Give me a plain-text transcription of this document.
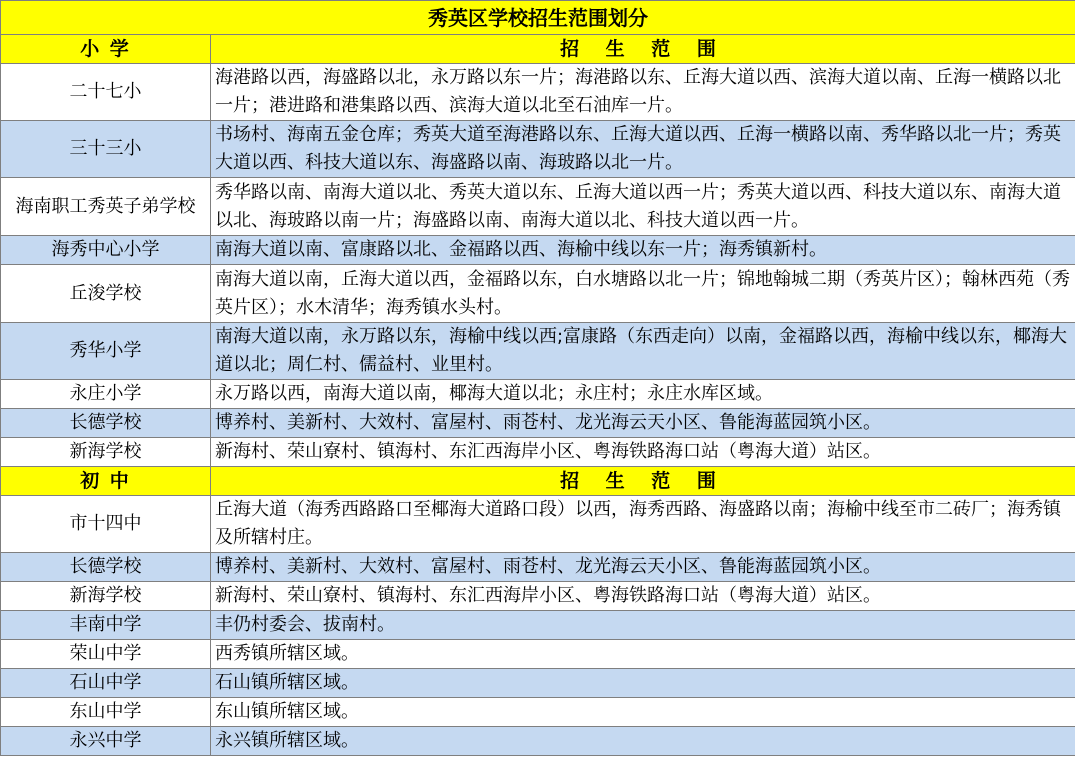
秀英区学校招生范围划分	
小 学	招 生 范 围
二十七小	海港路以西，海盛路以北，永万路以东一片；海港路以东、丘海大道以西、滨海大道以南、丘海一横路以北一片；港进路和港集路以西、滨海大道以北至石油库一片。
三十三小	书场村、海南五金仓库；秀英大道至海港路以东、丘海大道以西、丘海一横路以南、秀华路以北一片；秀英大道以西、科技大道以东、海盛路以南、海玻路以北一片。
海南职工秀英子弟学校	秀华路以南、南海大道以北、秀英大道以东、丘海大道以西一片；秀英大道以西、科技大道以东、南海大道以北、海玻路以南一片；海盛路以南、南海大道以北、科技大道以西一片。
海秀中心小学	南海大道以南、富康路以北、金福路以西、海榆中线以东一片；海秀镇新村。
丘浚学校	南海大道以南，丘海大道以西，金福路以东，白水塘路以北一片；锦地翰城二期（秀英片区）；翰林西苑（秀英片区）；水木清华；海秀镇水头村。
秀华小学	南海大道以南，永万路以东，海榆中线以西;富康路（东西走向）以南，金福路以西，海榆中线以东，椰海大道以北；周仁村、儒益村、业里村。
永庄小学	永万路以西，南海大道以南，椰海大道以北；永庄村；永庄水库区域。
长德学校	博养村、美新村、大效村、富屋村、雨苍村、龙光海云天小区、鲁能海蓝园筑小区。
新海学校	新海村、荣山寮村、镇海村、东汇西海岸小区、粤海铁路海口站（粤海大道）站区。
初 中	招 生 范 围
市十四中	丘海大道（海秀西路路口至椰海大道路口段）以西，海秀西路、海盛路以南；海榆中线至市二砖厂；海秀镇及所辖村庄。
长德学校	博养村、美新村、大效村、富屋村、雨苍村、龙光海云天小区、鲁能海蓝园筑小区。
新海学校	新海村、荣山寮村、镇海村、东汇西海岸小区、粤海铁路海口站（粤海大道）站区。
丰南中学	丰仍村委会、拔南村。
荣山中学	西秀镇所辖区域。
石山中学	石山镇所辖区域。
东山中学	东山镇所辖区域。
永兴中学	永兴镇所辖区域。
